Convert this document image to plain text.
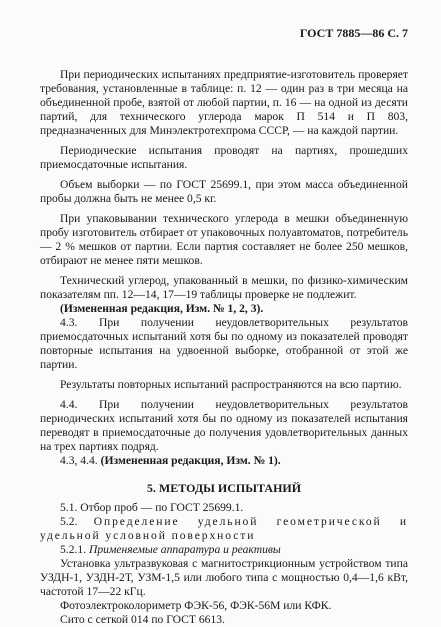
ГОСТ 7885—86 С. 7

При периодических испытаниях предприятие-изготовитель проверяет требования, установленные в таблице: п. 12 — один раз в три месяца на объединенной пробе, взятой от любой партии, п. 16 — на одной из десяти партий, для технического углерода марок П 514 и П 803, предназначенных для Минэлектротехпрома СССР, — на каждой партии.

Периодические испытания проводят на партиях, прошедших приемосдаточные испытания.

Объем выборки — по ГОСТ 25699.1, при этом масса объединенной пробы должна быть не менее 0,5 кг.

При упаковывании технического углерода в мешки объединенную пробу изготовитель отбирает от упаковочных полуавтоматов, потребитель — 2 % мешков от партии. Если партия составляет не более 250 мешков, отбирают не менее пяти мешков.

Технический углерод, упакованный в мешки, по физико-химическим показателям пп. 12—14, 17—19 таблицы проверке не подлежит.

(Измененная редакция, Изм. № 1, 2, 3).

4.3. При получении неудовлетворительных результатов приемосдаточных испытаний хотя бы по одному из показателей проводят повторные испытания на удвоенной выборке, отобранной от этой же партии.

Результаты повторных испытаний распространяются на всю партию.

4.4. При получении неудовлетворительных результатов периодических испытаний хотя бы по одному из показателей испытания переводят в приемосдаточные до получения удовлетворительных данных на трех партиях подряд.

4.3, 4.4. (Измененная редакция, Изм. № 1).

5. МЕТОДЫ ИСПЫТАНИЙ

5.1. Отбор проб — по ГОСТ 25699.1.

5.2. Определение удельной геометрической и удельной условной поверхности

5.2.1. Применяемые аппаратура и реактивы

Установка ультразвуковая с магнитострикционным устройством типа УЗДН-1, УЗДН-2Т, УЗМ-1,5 или любого типа с мощностью 0,4—1,6 кВт, частотой 17—22 кГц.

Фотоэлектроколориметр ФЭК-56, ФЭК-56М или КФК.

Сито с сеткой 014 по ГОСТ 6613.
